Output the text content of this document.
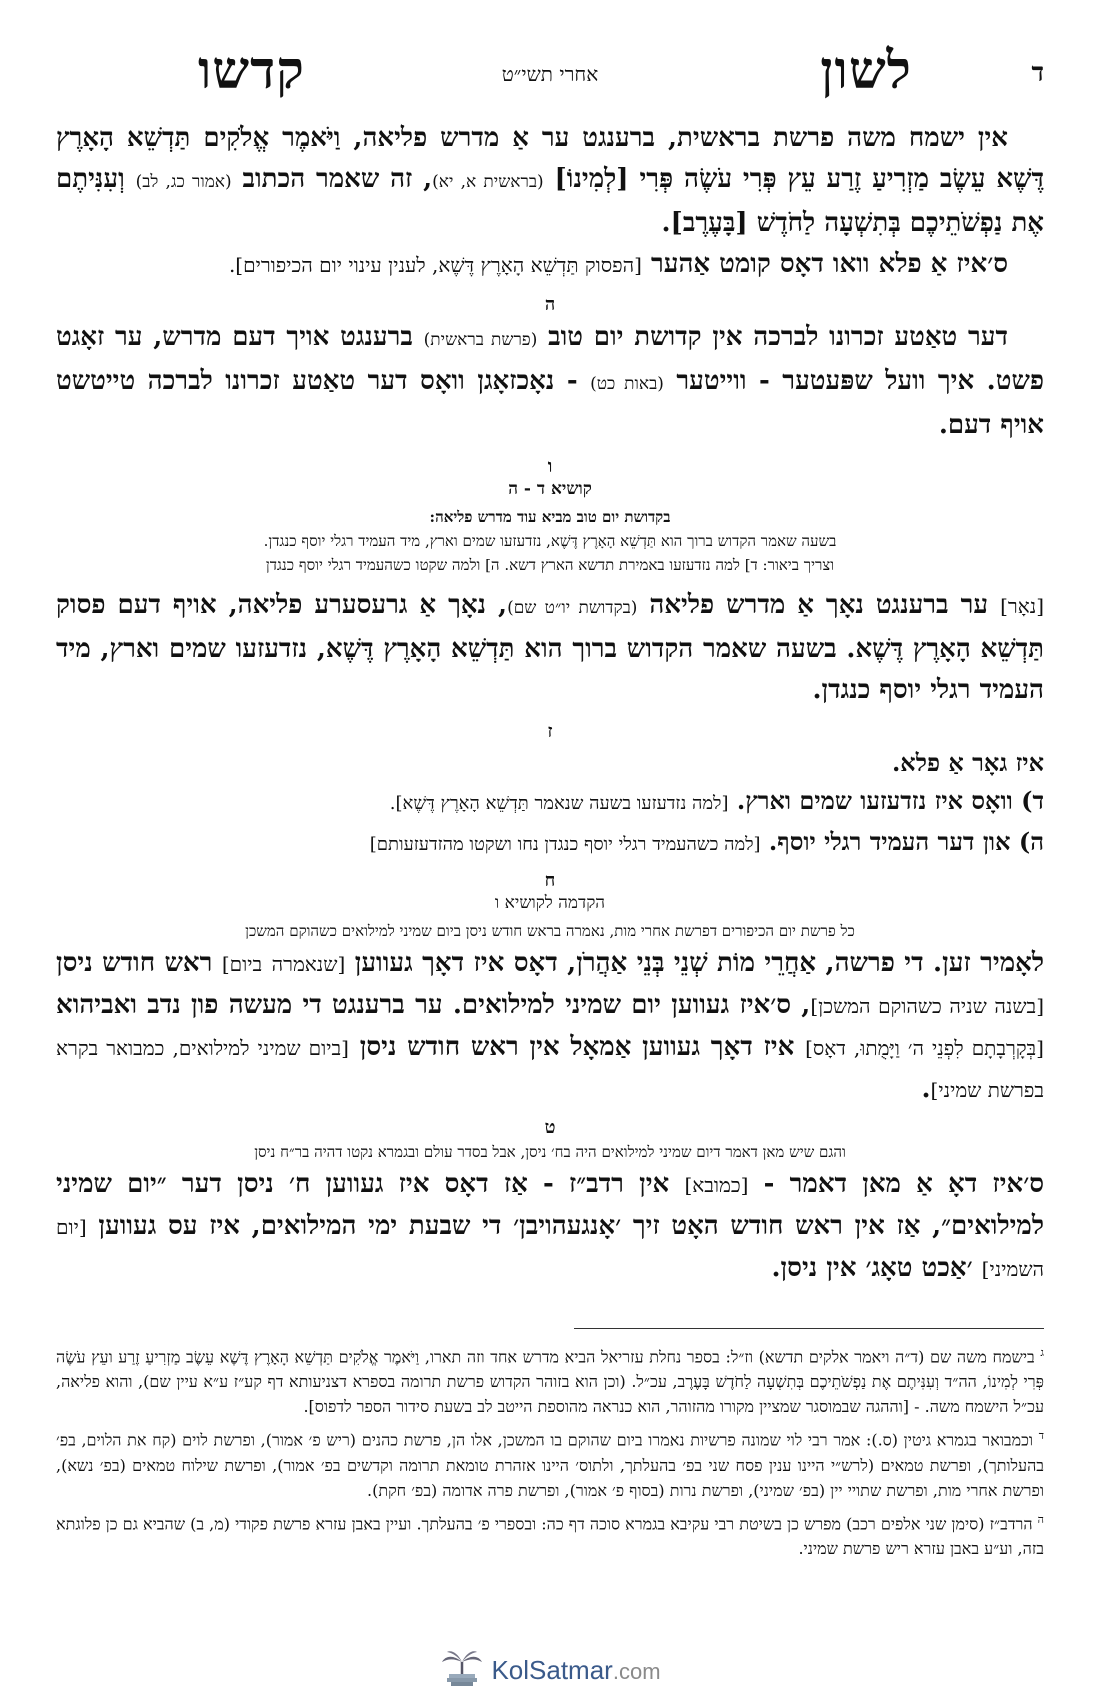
ד
לשון
אחרי תשי״ט
קדשו

אין ישמח משה פרשת בראשית, ברענגט ער אַ מדרש פליאה, וַיֹּאמֶר אֱלֹקִים תַּדְשֵׁא הָאָרֶץ דֶּשֶׁא עֵשֶׂב מַזְרִיעַ זֶרַע עֵץ פְּרִי עֹשֶׂה פְּרִי [לְמִינוֹ] (בראשית א, יא), זה שאמר הכתוב (אמור כג, לב) וְעִנִּיתֶם אֶת נַפְשֹׁתֵיכֶם בְּתִשְׁעָה לַחֹדֶשׁ [בָּעֶרֶב].

ס׳איז אַ פלא וואו דאָס קומט אַהער [הפסוק תַּדְשֵׁא הָאָרֶץ דֶּשֶׁא, לענין עינוי יום הכיפורים].

ה

דער טאַטע זכרונו לברכה אין קדושת יום טוב (פרשת בראשית) ברענגט אויך דעם מדרש, ער זאָגט פשט. איך וועל שפּעטער - ווייטער (באות כט) - נאָכזאָגן וואָס דער טאַטע זכרונו לברכה טייטשט אויף דעם.

ו
קושיא ד - ה

בקדושת יום טוב מביא עוד מדרש פליאה:

בשעה שאמר הקדוש ברוך הוא תַּדְשֵׁא הָאָרֶץ דֶּשֶׁא, נזדעזעו שמים וארץ, מיד העמיד רגלי יוסף כנגדן.

וצריך ביאור: ד] למה נזדעזעו באמירת תדשא הארץ דשא. ה] ולמה שקטו כשהעמיד רגלי יוסף כנגדן

[נאָר] ער ברענגט נאָך אַ מדרש פליאה (בקדושת יו״ט שם), נאָך אַ גרעסערע פליאה, אויף דעם פסוק תַּדְשֵׁא הָאָרֶץ דֶּשֶׁא. בשעה שאמר הקדוש ברוך הוא תַּדְשֵׁא הָאָרֶץ דֶּשֶׁא, נזדעזעו שמים וארץ, מיד העמיד רגלי יוסף כנגדן.

ז

איז גאָר אַ פלא.

ד) וואָס איז נזדעזעו שמים וארץ. [למה נזדעזעו בשעה שנאמר תַּדְשֵׁא הָאָרֶץ דֶּשֶׁא].

ה) און דער העמיד רגלי יוסף. [למה כשהעמיד רגלי יוסף כנגדן נחו ושקטו מהזדעזעותם]

ח
הקדמה לקושיא ו

כל פרשת יום הכיפורים דפרשת אחרי מות, נאמרה בראש חודש ניסן ביום שמיני למילואים כשהוקם המשכן

לאָמיר זען. די פרשה, אַחֲרֵי מוֹת שְׁנֵי בְּנֵי אַהֲרֹן, דאָס איז דאָך געווען [שנאמרה ביום] ראש חודש ניסן [בשנה שניה כשהוקם המשכן], ס׳איז געווען יום שמיני למילואים. ער ברענגט די מעשה פון נדב ואביהוא [בְּקָרְבָתָם לִפְנֵי ה׳ וַיָּמֻתוּ, דאָס] איז דאָך געווען אַמאָל אין ראש חודש ניסן [ביום שמיני למילואים, כמבואר בקרא בפרשת שמיני].

ט

והגם שיש מאן דאמר דיום שמיני למילואים היה בח׳ ניסן, אבל בסדר עולם ובגמרא נקטו דהיה בר״ח ניסן

ס׳איז דאָ אַ מאן דאמר - [כמובא] אין רדב״ז - אַז דאָס איז געווען ח׳ ניסן דער ״יום שמיני למילואים״, אַז אין ראש חודש האָט זיך ׳אָנגעהויבן׳ די שבעת ימי המילואים, איז עס געווען [יום השמיני] ׳אַכט טאָג׳ אין ניסן.

$^ג$ בישמח משה שם (ד״ה ויאמר אלקים תדשא) וז״ל: בספר נחלת עזריאל הביא מדרש אחד וזה תארו, וַיֹּאמֶר אֱלֹקִים תַּדְשֵׁא הָאָרֶץ דֶּשֶׁא עֵשֶׂב מַזְרִיעַ זֶרַע ועֵץ עֹשֶׂה פְּרִי לְמִינוֹ, הה״ד וְעִנִּיתֶם אֶת נַפְשֹׁתֵיכֶם בְּתִשְׁעָה לַחֹדֶשׁ בָּעֶרֶב, עכ״ל. (וכן הוא בזוהר הקדוש פרשת תרומה בספרא דצניעותא דף קע״ז ע״א עיין שם), והוא פליאה, עכ״ל הישמח משה. - [וההגה שבמוסגר שמציין מקורו מהזוהר, הוא כנראה מהוספת הייטב לב בשעת סידור הספר לדפוס].

$^ד$ וכמבואר בגמרא גיטין (ס.): אמר רבי לוי שמונה פרשיות נאמרו ביום שהוקם בו המשכן, אלו הן, פרשת כהנים (ריש פ׳ אמור), ופרשת לוים (קח את הלוים, בפ׳ בהעלותך), ופרשת טמאים (לרש״י היינו ענין פסח שני בפ׳ בהעלתך, ולתוס׳ היינו אזהרת טומאת תרומה וקדשים בפ׳ אמור), ופרשת שילוח טמאים (בפ׳ נשא), ופרשת אחרי מות, ופרשת שתויי יין (בפ׳ שמיני), ופרשת נרות (בסוף פ׳ אמור), ופרשת פרה אדומה (בפ׳ חקת).

$^ה$ הרדב״ז (סימן שני אלפים רכב) מפרש כן בשיטת רבי עקיבא בגמרא סוכה דף כה: ובספרי פ׳ בהעלתך. ועיין באבן עזרא פרשת פקודי (מ, ב) שהביא גם כן פלוגתא בזה, וע״ע באבן עזרא ריש פרשת שמיני.

KolSatmar.com
